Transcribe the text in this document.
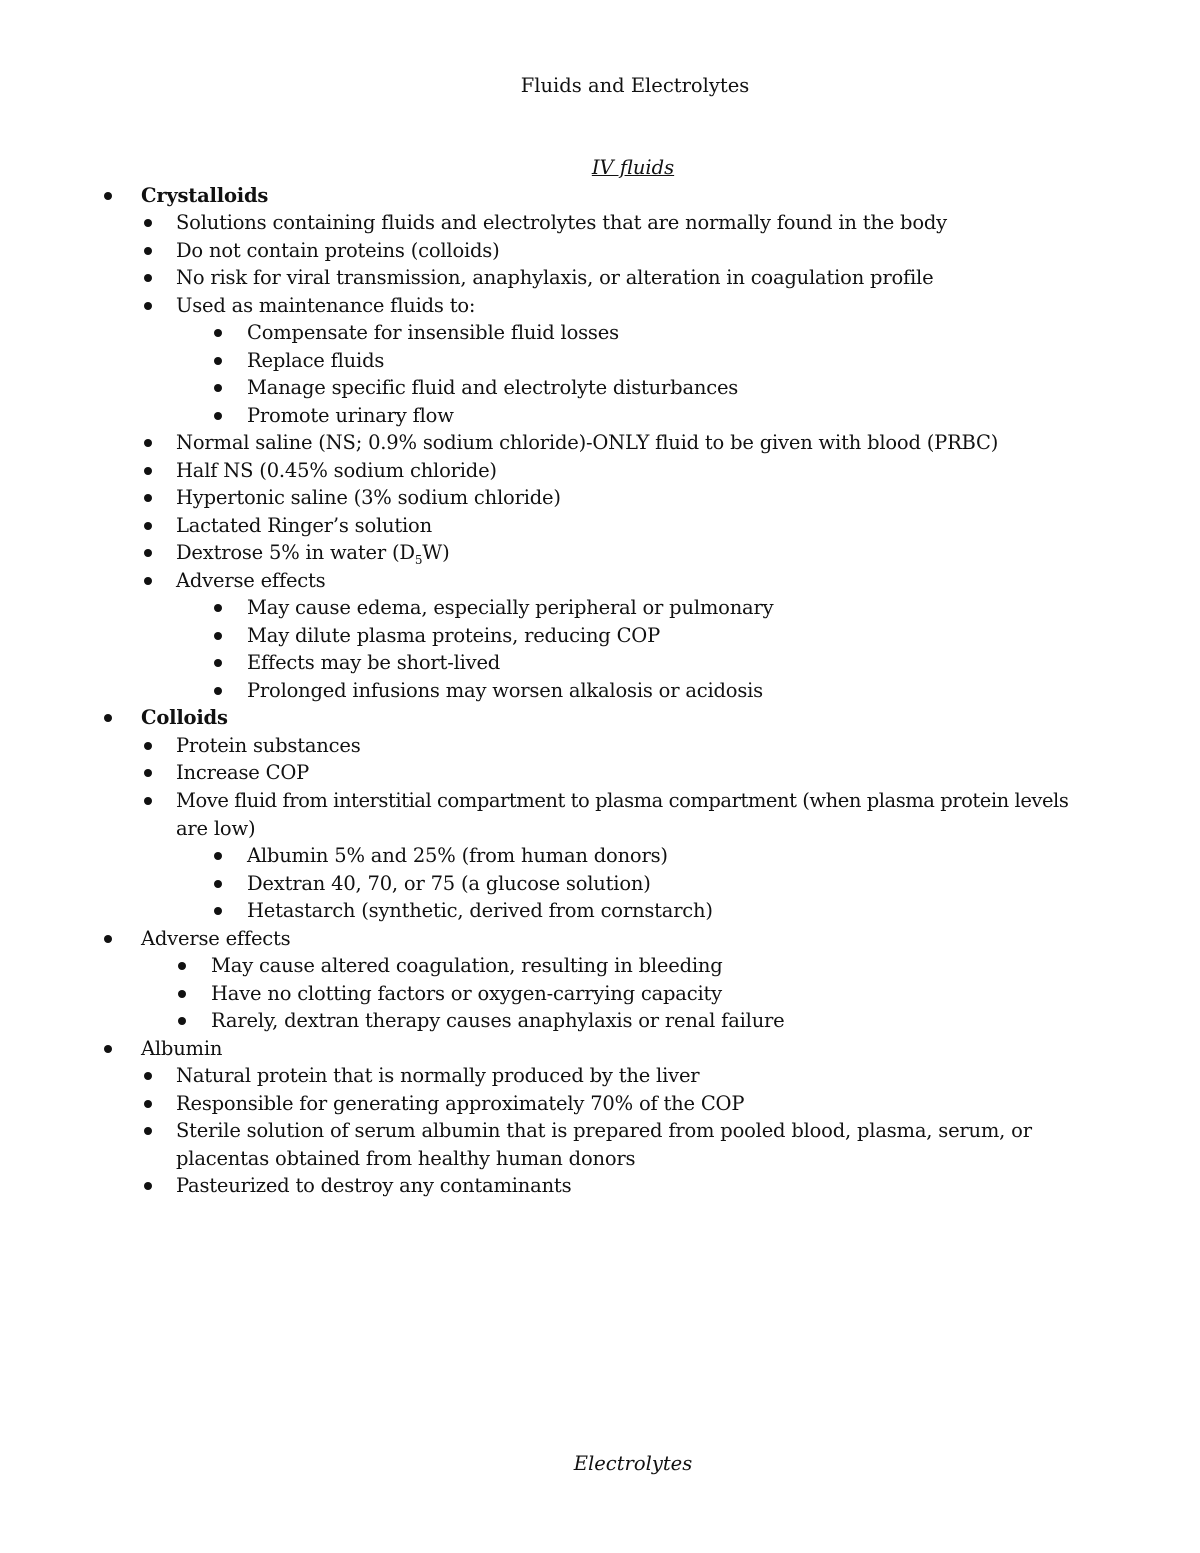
Fluids and Electrolytes
IV fluids
Crystalloids
Solutions containing fluids and electrolytes that are normally found in the body
Do not contain proteins (colloids)
No risk for viral transmission, anaphylaxis, or alteration in coagulation profile
Used as maintenance fluids to:
Compensate for insensible fluid losses
Replace fluids
Manage specific fluid and electrolyte disturbances
Promote urinary flow
Normal saline (NS; 0.9% sodium chloride)-ONLY fluid to be given with blood (PRBC)
Half NS (0.45% sodium chloride)
Hypertonic saline (3% sodium chloride)
Lactated Ringer’s solution
Dextrose 5% in water $(D_5W)$
Adverse effects
May cause edema, especially peripheral or pulmonary
May dilute plasma proteins, reducing COP
Effects may be short-lived
Prolonged infusions may worsen alkalosis or acidosis
Colloids
Protein substances
Increase COP
Move fluid from interstitial compartment to plasma compartment (when plasma protein levels
are low)
Albumin 5% and 25% (from human donors)
Dextran 40, 70, or 75 (a glucose solution)
Hetastarch (synthetic, derived from cornstarch)
Adverse effects
May cause altered coagulation, resulting in bleeding
Have no clotting factors or oxygen-carrying capacity
Rarely, dextran therapy causes anaphylaxis or renal failure
Albumin
Natural protein that is normally produced by the liver
Responsible for generating approximately 70% of the COP
Sterile solution of serum albumin that is prepared from pooled blood, plasma, serum, or
placentas obtained from healthy human donors
Pasteurized to destroy any contaminants
Electrolytes
